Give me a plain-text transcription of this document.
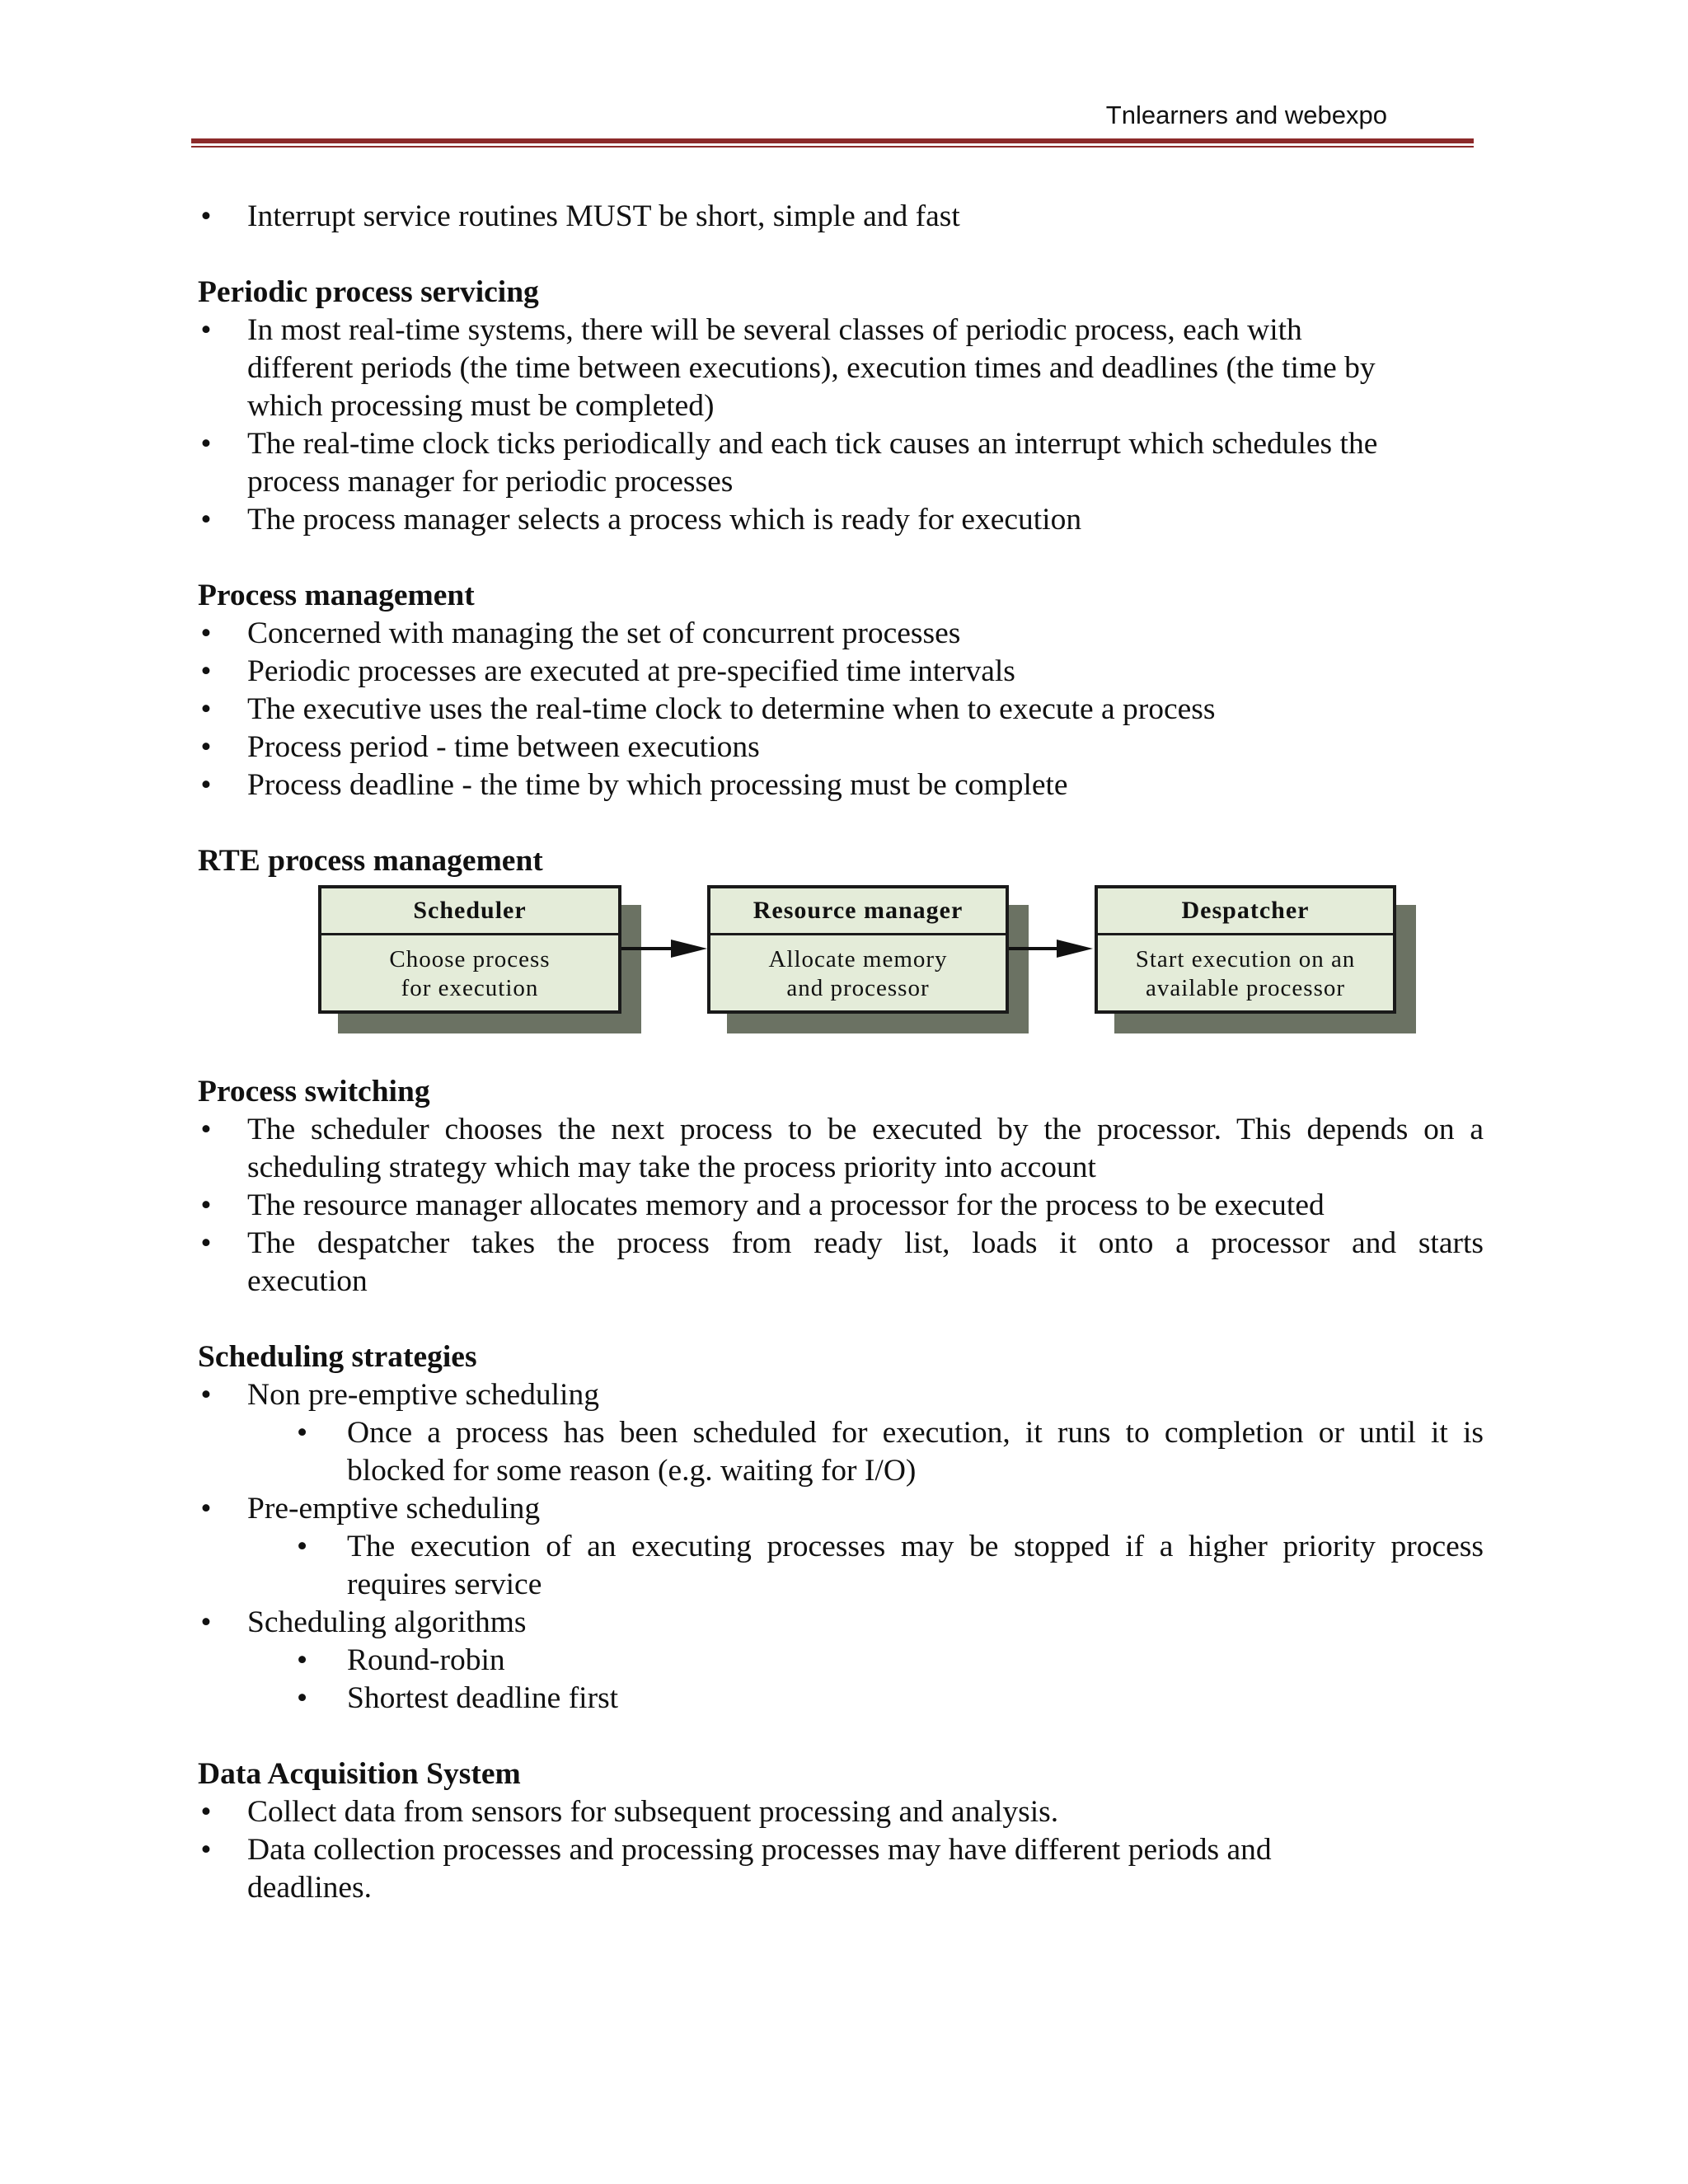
Tnlearners and webexpo
• Interrupt service routines MUST be short, simple and fast
Periodic process servicing
• In most real-time systems, there will be several classes of periodic process, each with
different periods (the time between executions), execution times and deadlines (the time by
which processing must be completed)
• The real-time clock ticks periodically and each tick causes an interrupt which schedules the
process manager for periodic processes
• The process manager selects a process which is ready for execution
Process management
• Concerned with managing the set of concurrent processes
• Periodic processes are executed at pre-specified time intervals
• The executive uses the real-time clock to determine when to execute a process
• Process period - time between executions
• Process deadline - the time by which processing must be complete
RTE process management
Scheduler
Choose process
for execution
Resource manager
Allocate memory
and processor
Despatcher
Start execution on an
available processor
Process switching
• The scheduler chooses the next process to be executed by the processor. This depends on a
scheduling strategy which may take the process priority into account
• The resource manager allocates memory and a processor for the process to be executed
• The despatcher takes the process from ready list, loads it onto a processor and starts
execution
Scheduling strategies
• Non pre-emptive scheduling
• Once a process has been scheduled for execution, it runs to completion or until it is
blocked for some reason (e.g. waiting for I/O)
• Pre-emptive scheduling
• The execution of an executing processes may be stopped if a higher priority process
requires service
• Scheduling algorithms
• Round-robin
• Shortest deadline first
Data Acquisition System
• Collect data from sensors for subsequent processing and analysis.
• Data collection processes and processing processes may have different periods and
deadlines.
